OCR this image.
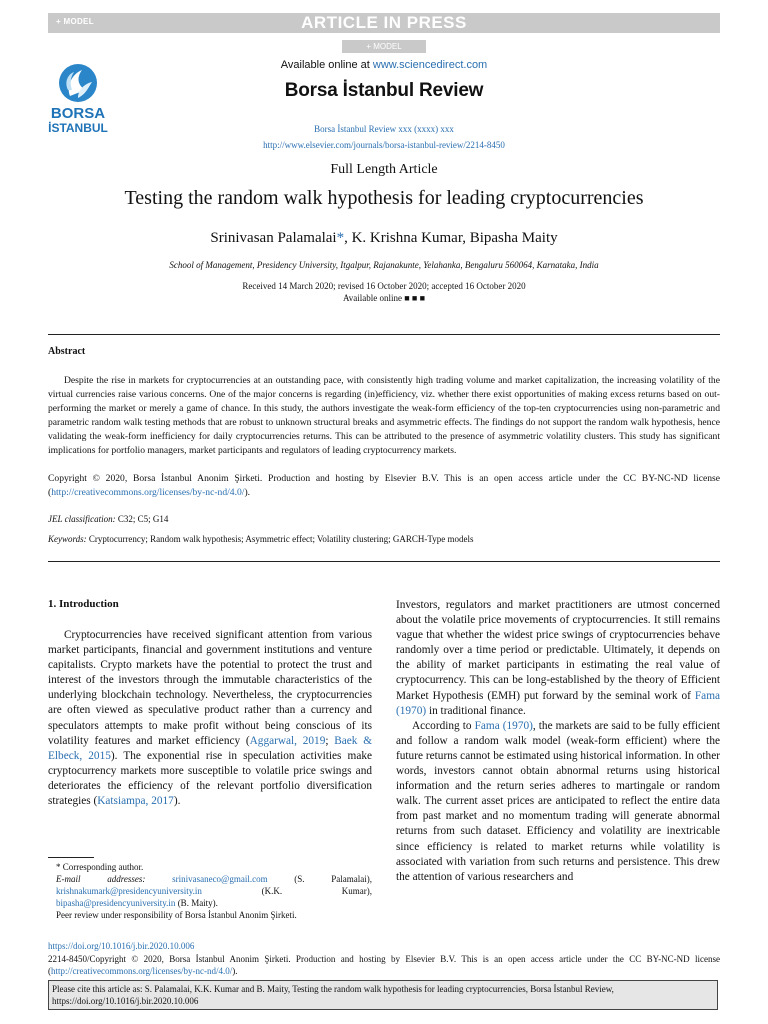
+ MODEL	ARTICLE IN PRESS
+ MODEL
BORSA
İSTANBUL
Available online at www.sciencedirect.com
Borsa İstanbul Review
Borsa İstanbul Review xxx (xxxx) xxx
http://www.elsevier.com/journals/borsa-istanbul-review/2214-8450
Full Length Article
Testing the random walk hypothesis for leading cryptocurrencies
Srinivasan Palamalai*, K. Krishna Kumar, Bipasha Maity
School of Management, Presidency University, Itgalpur, Rajanakunte, Yelahanka, Bengaluru 560064, Karnataka, India
Received 14 March 2020; revised 16 October 2020; accepted 16 October 2020
Available online ■ ■ ■
Abstract

Despite the rise in markets for cryptocurrencies at an outstanding pace, with consistently high trading volume and market capitalization, the increasing volatility of the virtual currencies raise various concerns. One of the major concerns is regarding (in)efficiency, viz. whether there exist opportunities of making excess returns based on out-performing the market or merely a game of chance. In this study, the authors investigate the weak-form efficiency of the top-ten cryptocurrencies using non-parametric and parametric random walk testing methods that are robust to unknown structural breaks and asymmetric effects. The findings do not support the random walk hypothesis, hence validating the weak-form inefficiency for daily cryptocurrencies returns. This can be attributed to the presence of asymmetric volatility clusters. This study has significant implications for portfolio managers, market participants and regulators of leading cryptocurrency markets.

Copyright © 2020, Borsa İstanbul Anonim Şirketi. Production and hosting by Elsevier B.V. This is an open access article under the CC BY-NC-ND license (http://creativecommons.org/licenses/by-nc-nd/4.0/).
JEL classification: C32; C5; G14
Keywords: Cryptocurrency; Random walk hypothesis; Asymmetric effect; Volatility clustering; GARCH-Type models
1. Introduction

Cryptocurrencies have received significant attention from various market participants, financial and government institutions and venture capitalists. Crypto markets have the potential to protect the trust and interest of the investors through the immutable characteristics of the underlying blockchain technology. Nevertheless, the cryptocurrencies are often viewed as speculative product rather than a currency and speculators attempts to make profit without being conscious of its volatility features and market efficiency (Aggarwal, 2019; Baek & Elbeck, 2015). The exponential rise in speculation activities make cryptocurrency markets more susceptible to volatile price swings and deteriorates the efficiency of the relevant portfolio diversification strategies (Katsiampa, 2017).

Investors, regulators and market practitioners are utmost concerned about the volatile price movements of cryptocurrencies. It still remains vague that whether the widest price swings of cryptocurrencies behave randomly over a time period or predictable. Ultimately, it depends on the ability of market participants in estimating the real value of cryptocurrency. This can be long-established by the theory of Efficient Market Hypothesis (EMH) put forward by the seminal work of Fama (1970) in traditional finance.

According to Fama (1970), the markets are said to be fully efficient and follow a random walk model (weak-form efficient) where the future returns cannot be estimated using historical information. In other words, investors cannot obtain abnormal returns using historical information and the return series adheres to martingale or random walk. The current asset prices are anticipated to reflect the entire data from past market and no momentum trading will generate abnormal returns from such dataset. Efficiency and volatility are inextricable since efficiency is related to market returns while volatility is associated with variation from such returns and persistence. This drew the attention of various researchers and

* Corresponding author.
E-mail addresses:	srinivasaneco@gmail.com (S. Palamalai), krishnakumark@presidencyuniversity.in (K.K. Kumar), bipasha@presidencyuniversity.in (B. Maity).
Peer review under responsibility of Borsa İstanbul Anonim Şirketi.
https://doi.org/10.1016/j.bir.2020.10.006
2214-8450/Copyright © 2020, Borsa İstanbul Anonim Şirketi. Production and hosting by Elsevier B.V. This is an open access article under the CC BY-NC-ND license (http://creativecommons.org/licenses/by-nc-nd/4.0/).
Please cite this article as: S. Palamalai, K.K. Kumar and B. Maity, Testing the random walk hypothesis for leading cryptocurrencies, Borsa İstanbul Review, https://doi.org/10.1016/j.bir.2020.10.006
